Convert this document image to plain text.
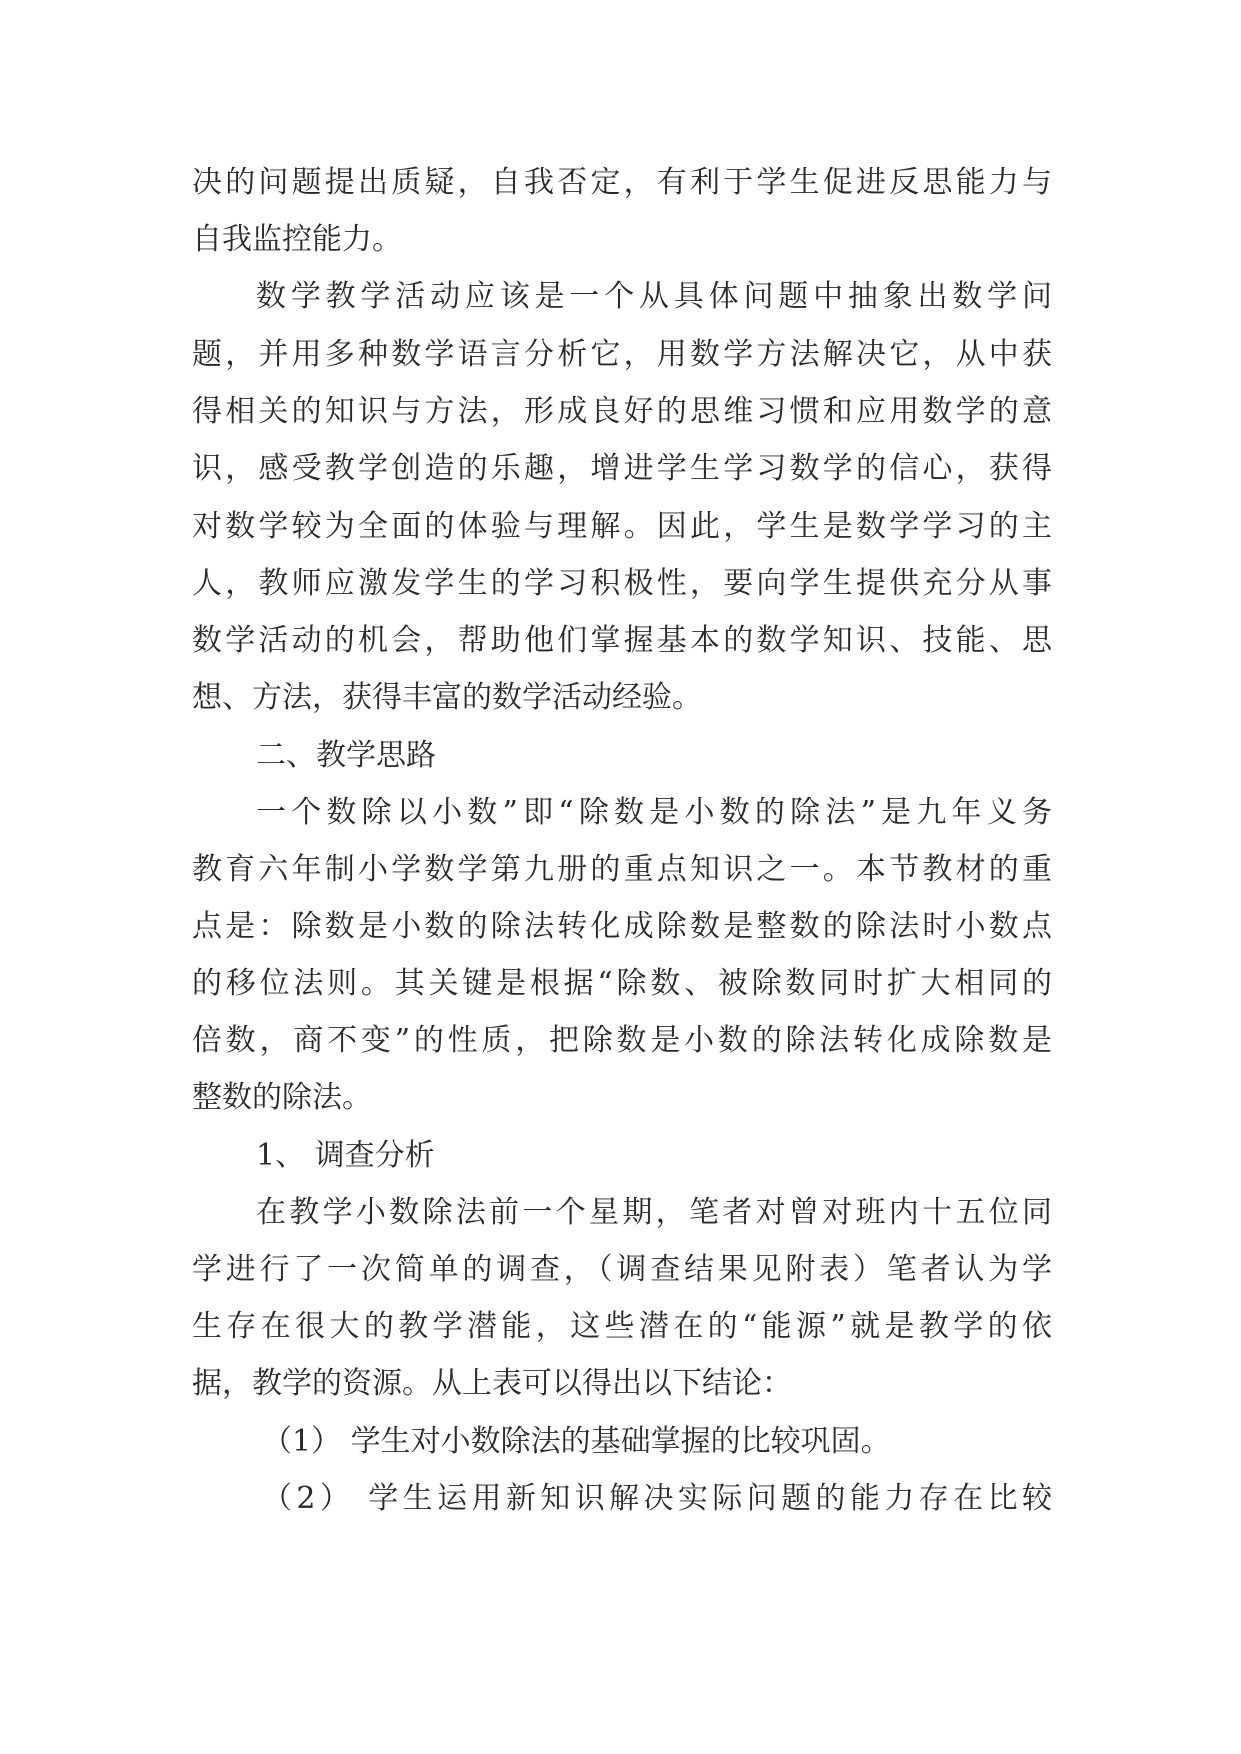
决的问题提出质疑，自我否定，有利于学生促进反思能力与
自我监控能力。
数学教学活动应该是一个从具体问题中抽象出数学问
题，并用多种数学语言分析它，用数学方法解决它，从中获
得相关的知识与方法，形成良好的思维习惯和应用数学的意
识，感受教学创造的乐趣，增进学生学习数学的信心，获得
对数学较为全面的体验与理解。因此，学生是数学学习的主
人，教师应激发学生的学习积极性，要向学生提供充分从事
数学活动的机会，帮助他们掌握基本的数学知识、技能、思
想、方法，获得丰富的数学活动经验。
二、教学思路
一个数除以小数”即“除数是小数的除法”是九年义务
教育六年制小学数学第九册的重点知识之一。本节教材的重
点是：除数是小数的除法转化成除数是整数的除法时小数点
的移位法则。其关键是根据“除数、被除数同时扩大相同的
倍数，商不变”的性质，把除数是小数的除法转化成除数是
整数的除法。
1、 调查分析
在教学小数除法前一个星期，笔者对曾对班内十五位同
学进行了一次简单的调查，（调查结果见附表）笔者认为学
生存在很大的教学潜能，这些潜在的“能源”就是教学的依
据，教学的资源。从上表可以得出以下结论：
（1） 学生对小数除法的基础掌握的比较巩固。
（2） 学生运用新知识解决实际问题的能力存在比较
